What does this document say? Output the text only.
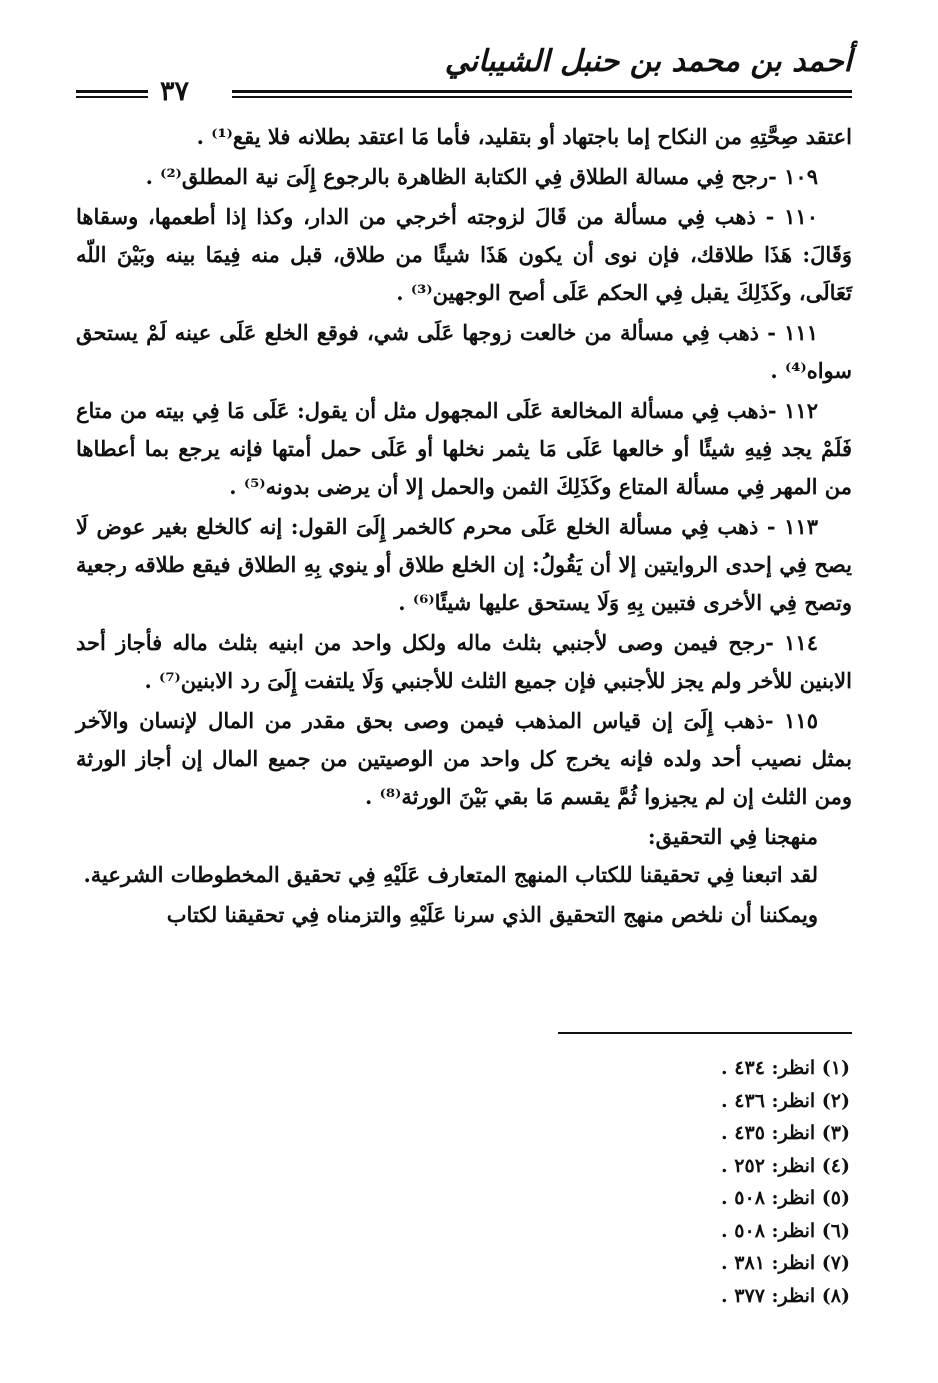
أحمد بن محمد بن حنبل الشيباني
٣٧

اعتقد صِحَّتِهِ من النكاح إما باجتهاد أو بتقليد، فأما مَا اعتقد بطلانه فلا يقع⁽¹⁾ .

١٠٩ -رجح فِي مسالة الطلاق فِي الكتابة الظاهرة بالرجوع إِلَىَ نية المطلق⁽²⁾ .

١١٠ - ذهب فِي مسألة من قَالَ لزوجته أخرجي من الدار، وكذا إذا أطعمها، وسقاها وَقَالَ: هَذَا طلاقك، فإن نوى أن يكون هَذَا شيئًا من طلاق، قبل منه فِيمَا بينه وبَيْنَ اللّه تَعَالَى، وكَذَلِكَ يقبل فِي الحكم عَلَى أصح الوجهين⁽³⁾ .

١١١ - ذهب فِي مسألة من خالعت زوجها عَلَى شي، فوقع الخلع عَلَى عينه لَمْ يستحق سواه⁽⁴⁾ .

١١٢ -ذهب فِي مسألة المخالعة عَلَى المجهول مثل أن يقول: عَلَى مَا فِي بيته من متاع فَلَمْ يجد فِيهِ شيئًا أو خالعها عَلَى مَا يثمر نخلها أو عَلَى حمل أمتها فإنه يرجع بما أعطاها من المهر فِي مسألة المتاع وكَذَلِكَ الثمن والحمل إلا أن يرضى بدونه⁽⁵⁾ .

١١٣ - ذهب فِي مسألة الخلع عَلَى محرم كالخمر إِلَىَ القول: إنه كالخلع بغير عوض لَا يصح فِي إحدى الروايتين إلا أن يَقُولُ: إن الخلع طلاق أو ينوي بِهِ الطلاق فيقع طلاقه رجعية وتصح فِي الأخرى فتبين بِهِ وَلَا يستحق عليها شيئًا⁽⁶⁾ .

١١٤ -رجح فيمن وصى لأجنبي بثلث ماله ولكل واحد من ابنيه بثلث ماله فأجاز أحد الابنين للأخر ولم يجز للأجنبي فإن جميع الثلث للأجنبي وَلَا يلتفت إِلَىَ رد الابنين⁽⁷⁾ .

١١٥ -ذهب إِلَىَ إن قياس المذهب فيمن وصى بحق مقدر من المال لإنسان والآخر بمثل نصيب أحد ولده فإنه يخرج كل واحد من الوصيتين من جميع المال إن أجاز الورثة ومن الثلث إن لم يجيزوا ثُمَّ يقسم مَا بقي بَيْنَ الورثة⁽⁸⁾ .

منهجنا فِي التحقيق:

لقد اتبعنا فِي تحقيقنا للكتاب المنهج المتعارف عَلَيْهِ فِي تحقيق المخطوطات الشرعية.

ويمكننا أن نلخص منهج التحقيق الذي سرنا عَلَيْهِ والتزمناه فِي تحقيقنا لكتاب

(١) انظر: ٤٣٤ .
(٢) انظر: ٤٣٦ .
(٣) انظر: ٤٣٥ .
(٤) انظر: ٢٥٢ .
(٥) انظر: ٥٠٨ .
(٦) انظر: ٥٠٨ .
(٧) انظر: ٣٨١ .
(٨) انظر: ٣٧٧ .
